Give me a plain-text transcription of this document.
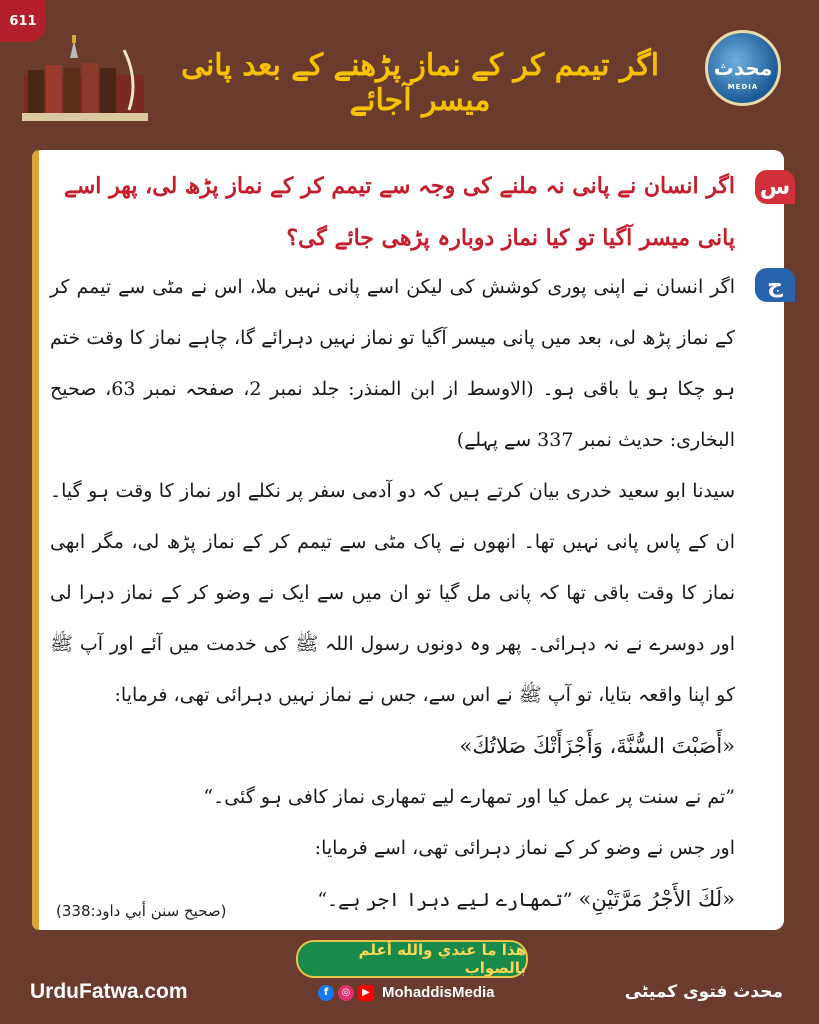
611
اگر تیمم کر کے نماز پڑھنے کے بعد پانی میسر آجائے
محدث
MEDIA
س
اگر انسان نے پانی نہ ملنے کی وجہ سے تیمم کر کے نماز پڑھ لی، پھر اسے پانی میسر آگیا تو کیا نماز دوبارہ پڑھی جائے گی؟
ج

اگر انسان نے اپنی پوری کوشش کی لیکن اسے پانی نہیں ملا، اس نے مٹی سے تیمم کر کے نماز پڑھ لی، بعد میں پانی میسر آگیا تو نماز نہیں دہرائے گا، چاہے نماز کا وقت ختم ہو چکا ہو یا باقی ہو۔ (الاوسط از ابن المنذر: جلد نمبر 2، صفحہ نمبر 63، صحیح البخاری: حدیث نمبر 337 سے پہلے)

سیدنا ابو سعید خدری بیان کرتے ہیں کہ دو آدمی سفر پر نکلے اور نماز کا وقت ہو گیا۔ ان کے پاس پانی نہیں تھا۔ انھوں نے پاک مٹی سے تیمم کر کے نماز پڑھ لی، مگر ابھی نماز کا وقت باقی تھا کہ پانی مل گیا تو ان میں سے ایک نے وضو کر کے نماز دہرا لی اور دوسرے نے نہ دہرائی۔ پھر وہ دونوں رسول اللہ ﷺ کی خدمت میں آئے اور آپ ﷺ کو اپنا واقعہ بتایا، تو آپ ﷺ نے اس سے، جس نے نماز نہیں دہرائی تھی، فرمایا:

«أَصَبْتَ السُّنَّةَ، وَأَجْزَأَتْكَ صَلاتُكَ»

”تم نے سنت پر عمل کیا اور تمھارے لیے تمھاری نماز کافی ہو گئی۔“

اور جس نے وضو کر کے نماز دہرائی تھی، اسے فرمایا:

«لَكَ الأَجْرُ مَرَّتَيْنِ» ”تمھارے لیے دہرا اجر ہے۔“

(صحيح سنن أبي داود:338)
هذا ما عندي والله أعلم بالصواب
UrduFatwa.com	f	◎	▶ MohaddisMedia	محدث فتوی کمیٹی
